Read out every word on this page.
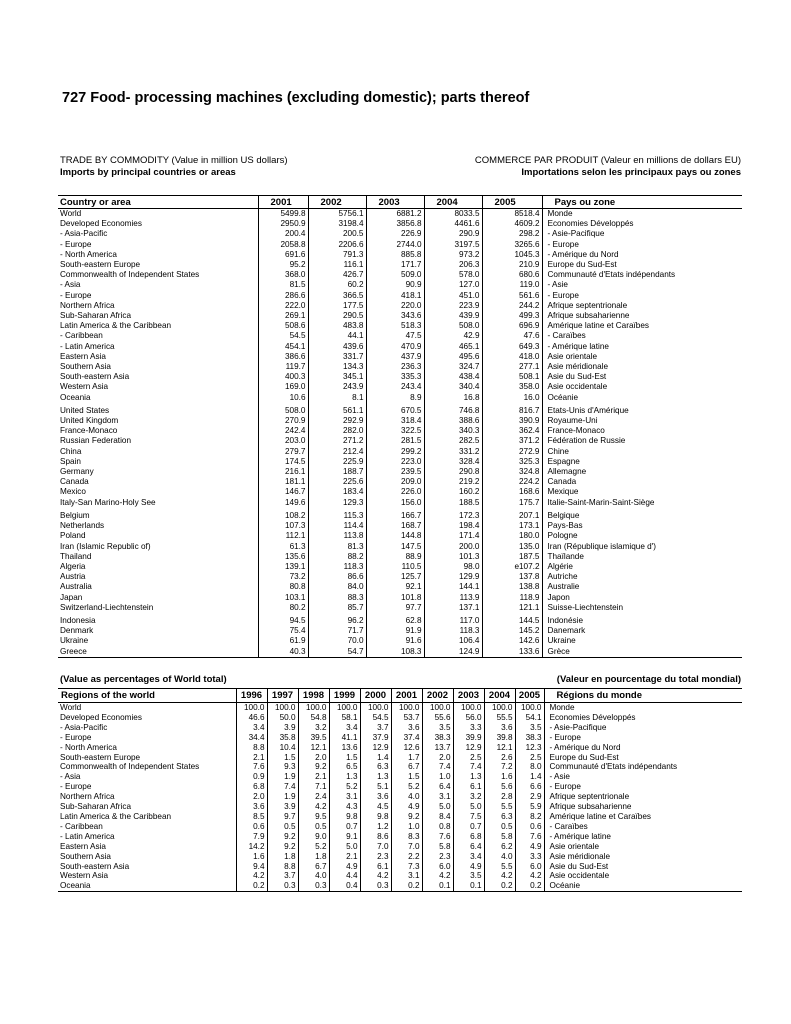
727 Food- processing machines (excluding domestic); parts thereof
TRADE BY COMMODITY (Value in million US dollars)
Imports by principal countries or areas
COMMERCE PAR PRODUIT (Valeur en millions de dollars EU)
Importations selon les principaux pays ou zones
Country or area	2001	2002	2003	2004	2005	Pays ou zone
World	5499.8	5756.1	6881.2	8033.5	8518.4	Monde
Developed Economies	2950.9	3198.4	3856.8	4461.6	4609.2	Economies Développés
- Asia-Pacific	200.4	200.5	226.9	290.9	298.2	- Asie-Pacifique
- Europe	2058.8	2206.6	2744.0	3197.5	3265.6	- Europe
- North America	691.6	791.3	885.8	973.2	1045.3	- Amérique du Nord
South-eastern Europe	95.2	116.1	171.7	206.3	210.9	Europe du Sud-Est
Commonwealth of Independent States	368.0	426.7	509.0	578.0	680.6	Communauté d'Etats indépendants
- Asia	81.5	60.2	90.9	127.0	119.0	- Asie
- Europe	286.6	366.5	418.1	451.0	561.6	- Europe
Northern Africa	222.0	177.5	220.0	223.9	244.2	Afrique septentrionale
Sub-Saharan Africa	269.1	290.5	343.6	439.9	499.3	Afrique subsaharienne
Latin America & the Caribbean	508.6	483.8	518.3	508.0	696.9	Amérique latine et Caraïbes
- Caribbean	54.5	44.1	47.5	42.9	47.6	- Caraïbes
- Latin America	454.1	439.6	470.9	465.1	649.3	- Amérique latine
Eastern Asia	386.6	331.7	437.9	495.6	418.0	Asie orientale
Southern Asia	119.7	134.3	236.3	324.7	277.1	Asie méridionale
South-eastern Asia	400.3	345.1	335.3	438.4	508.1	Asie du Sud-Est
Western Asia	169.0	243.9	243.4	340.4	358.0	Asie occidentale
Oceania	10.6	8.1	8.9	16.8	16.0	Océanie
United States	508.0	561.1	670.5	746.8	816.7	Etats-Unis d'Amérique
United Kingdom	270.9	292.9	318.4	388.6	390.9	Royaume-Uni
France-Monaco	242.4	282.0	322.5	340.3	362.4	France-Monaco
Russian Federation	203.0	271.2	281.5	282.5	371.2	Fédération de Russie
China	279.7	212.4	299.2	331.2	272.9	Chine
Spain	174.5	225.9	223.0	328.4	325.3	Espagne
Germany	216.1	188.7	239.5	290.8	324.8	Allemagne
Canada	181.1	225.6	209.0	219.2	224.2	Canada
Mexico	146.7	183.4	226.0	160.2	168.6	Mexique
Italy-San Marino-Holy See	149.6	129.3	156.0	188.5	175.7	Italie-Saint-Marin-Saint-Siège
Belgium	108.2	115.3	166.7	172.3	207.1	Belgique
Netherlands	107.3	114.4	168.7	198.4	173.1	Pays-Bas
Poland	112.1	113.8	144.8	171.4	180.0	Pologne
Iran (Islamic Republic of)	61.3	81.3	147.5	200.0	135.0	Iran (République islamique d')
Thailand	135.6	88.2	88.9	101.3	187.5	Thaïlande
Algeria	139.1	118.3	110.5	98.0	e107.2	Algérie
Austria	73.2	86.6	125.7	129.9	137.8	Autriche
Australia	80.8	84.0	92.1	144.1	138.8	Australie
Japan	103.1	88.3	101.8	113.9	118.9	Japon
Switzerland-Liechtenstein	80.2	85.7	97.7	137.1	121.1	Suisse-Liechtenstein
Indonesia	94.5	96.2	62.8	117.0	144.5	Indonésie
Denmark	75.4	71.7	91.9	118.3	145.2	Danemark
Ukraine	61.9	70.0	91.6	106.4	142.6	Ukraine
Greece	40.3	54.7	108.3	124.9	133.6	Grèce
(Value as percentages of World total)	(Valeur en pourcentage du total mondial)
Regions of the world	1996	1997	1998	1999	2000	2001	2002	2003	2004	2005	Régions du monde
World	100.0	100.0	100.0	100.0	100.0	100.0	100.0	100.0	100.0	100.0	Monde
Developed Economies	46.6	50.0	54.8	58.1	54.5	53.7	55.6	56.0	55.5	54.1	Economies Développés
- Asia-Pacific	3.4	3.9	3.2	3.4	3.7	3.6	3.5	3.3	3.6	3.5	- Asie-Pacifique
- Europe	34.4	35.8	39.5	41.1	37.9	37.4	38.3	39.9	39.8	38.3	- Europe
- North America	8.8	10.4	12.1	13.6	12.9	12.6	13.7	12.9	12.1	12.3	- Amérique du Nord
South-eastern Europe	2.1	1.5	2.0	1.5	1.4	1.7	2.0	2.5	2.6	2.5	Europe du Sud-Est
Commonwealth of Independent States	7.6	9.3	9.2	6.5	6.3	6.7	7.4	7.4	7.2	8.0	Communauté d'Etats indépendants
- Asia	0.9	1.9	2.1	1.3	1.3	1.5	1.0	1.3	1.6	1.4	- Asie
- Europe	6.8	7.4	7.1	5.2	5.1	5.2	6.4	6.1	5.6	6.6	- Europe
Northern Africa	2.0	1.9	2.4	3.1	3.6	4.0	3.1	3.2	2.8	2.9	Afrique septentrionale
Sub-Saharan Africa	3.6	3.9	4.2	4.3	4.5	4.9	5.0	5.0	5.5	5.9	Afrique subsaharienne
Latin America & the Caribbean	8.5	9.7	9.5	9.8	9.8	9.2	8.4	7.5	6.3	8.2	Amérique latine et Caraïbes
- Caribbean	0.6	0.5	0.5	0.7	1.2	1.0	0.8	0.7	0.5	0.6	- Caraïbes
- Latin America	7.9	9.2	9.0	9.1	8.6	8.3	7.6	6.8	5.8	7.6	- Amérique latine
Eastern Asia	14.2	9.2	5.2	5.0	7.0	7.0	5.8	6.4	6.2	4.9	Asie orientale
Southern Asia	1.6	1.8	1.8	2.1	2.3	2.2	2.3	3.4	4.0	3.3	Asie méridionale
South-eastern Asia	9.4	8.8	6.7	4.9	6.1	7.3	6.0	4.9	5.5	6.0	Asie du Sud-Est
Western Asia	4.2	3.7	4.0	4.4	4.2	3.1	4.2	3.5	4.2	4.2	Asie occidentale
Oceania	0.2	0.3	0.3	0.4	0.3	0.2	0.1	0.1	0.2	0.2	Océanie
